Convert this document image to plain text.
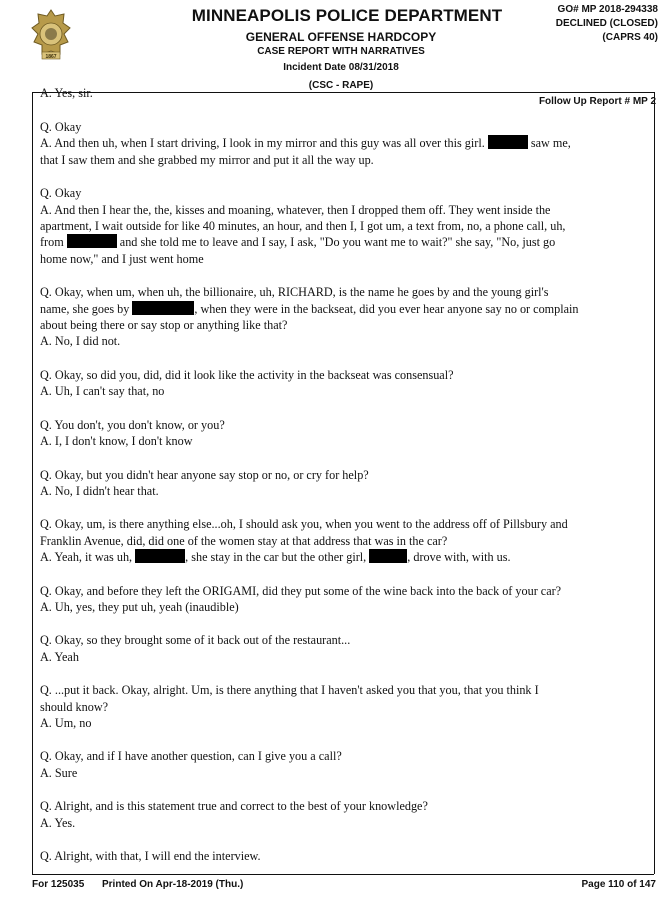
1867
MINNEAPOLIS POLICE DEPARTMENT
GENERAL OFFENSE HARDCOPY
CASE REPORT WITH NARRATIVES
Incident Date 08/31/2018
(CSC - RAPE)
GO# MP 2018-294338
DECLINED (CLOSED)
(CAPRS 40)
Follow Up Report # MP 2
A. Yes, sir.
Q. Okay
A. And then uh, when I start driving, I look in my mirror and this guy was all over this girl.	saw me,
that I saw them and she grabbed my mirror and put it all the way up.
Q. Okay
A. And then I hear the, the, kisses and moaning, whatever, then I dropped them off. They went inside the
apartment, I wait outside for like 40 minutes, an hour, and then I, I got um, a text from, no, a phone call, uh,
from	and she told me to leave and I say, I ask, "Do you want me to wait?" she say, "No, just go
home now," and I just went home
Q. Okay, when um, when uh, the billionaire, uh, RICHARD, is the name he goes by and the young girl's
name, she goes by	, when they were in the backseat, did you ever hear anyone say no or complain
about being there or say stop or anything like that?
A. No, I did not.
Q. Okay, so did you, did, did it look like the activity in the backseat was consensual?
A. Uh, I can't say that, no
Q. You don't, you don't know, or you?
A. I, I don't know, I don't know
Q. Okay, but you didn't hear anyone say stop or no, or cry for help?
A. No, I didn't hear that.
Q. Okay, um, is there anything else...oh, I should ask you, when you went to the address off of Pillsbury and
Franklin Avenue, did, did one of the women stay at that address that was in the car?
A. Yeah, it was uh,	, she stay in the car but the other girl,	, drove with, with us.
Q. Okay, and before they left the ORIGAMI, did they put some of the wine back into the back of your car?
A. Uh, yes, they put uh, yeah (inaudible)
Q. Okay, so they brought some of it back out of the restaurant...
A. Yeah
Q. ...put it back. Okay, alright. Um, is there anything that I haven't asked you that you, that you think I
should know?
A. Um, no
Q. Okay, and if I have another question, can I give you a call?
A. Sure
Q. Alright, and is this statement true and correct to the best of your knowledge?
A. Yes.
Q. Alright, with that, I will end the interview.
For 125035 Printed On Apr-18-2019 (Thu.)	Page 110 of 147
